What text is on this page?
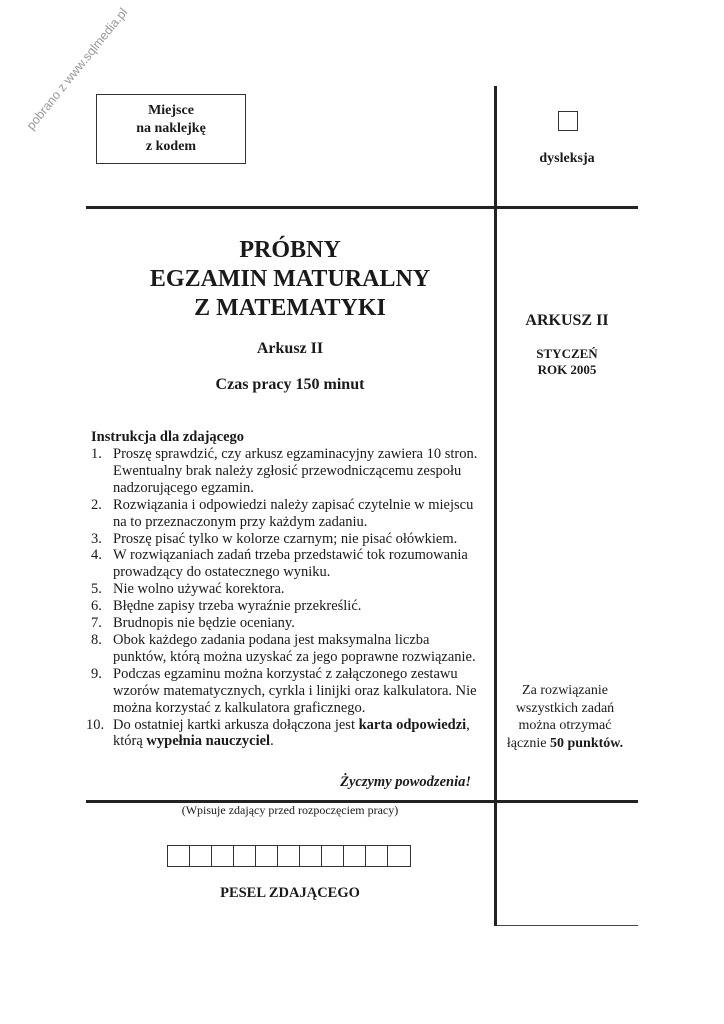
pobrano z www.sqlmedia.pl	Miejsce
na naklejkę
z kodem
dysleksja
PRÓBNY
EGZAMIN MATURALNY
Z MATEMATYKI
Arkusz II
Czas pracy 150 minut
ARKUSZ II
STYCZEŃ
ROK 2005
Instrukcja dla zdającego
1. Proszę sprawdzić, czy arkusz egzaminacyjny zawiera 10 stron.
Ewentualny brak należy zgłosić przewodniczącemu zespołu
nadzorującego egzamin.
2. Rozwiązania i odpowiedzi należy zapisać czytelnie w miejscu
na to przeznaczonym przy każdym zadaniu.
3. Proszę pisać tylko w kolorze czarnym; nie pisać ołówkiem.
4. W rozwiązaniach zadań trzeba przedstawić tok rozumowania
prowadzący do ostatecznego wyniku.
5. Nie wolno używać korektora.
6. Błędne zapisy trzeba wyraźnie przekreślić.
7. Brudnopis nie będzie oceniany.
8. Obok każdego zadania podana jest maksymalna liczba
punktów, którą można uzyskać za jego poprawne rozwiązanie.
9. Podczas egzaminu można korzystać z załączonego zestawu
wzorów matematycznych, cyrkla i linijki oraz kalkulatora. Nie
można korzystać z kalkulatora graficznego.
10. Do ostatniej kartki arkusza dołączona jest karta odpowiedzi,
którą wypełnia nauczyciel.
Życzymy powodzenia!
Za rozwiązanie
wszystkich zadań
można otrzymać
łącznie 50 punktów.
(Wpisuje zdający przed rozpoczęciem pracy)
PESEL ZDAJĄCEGO
